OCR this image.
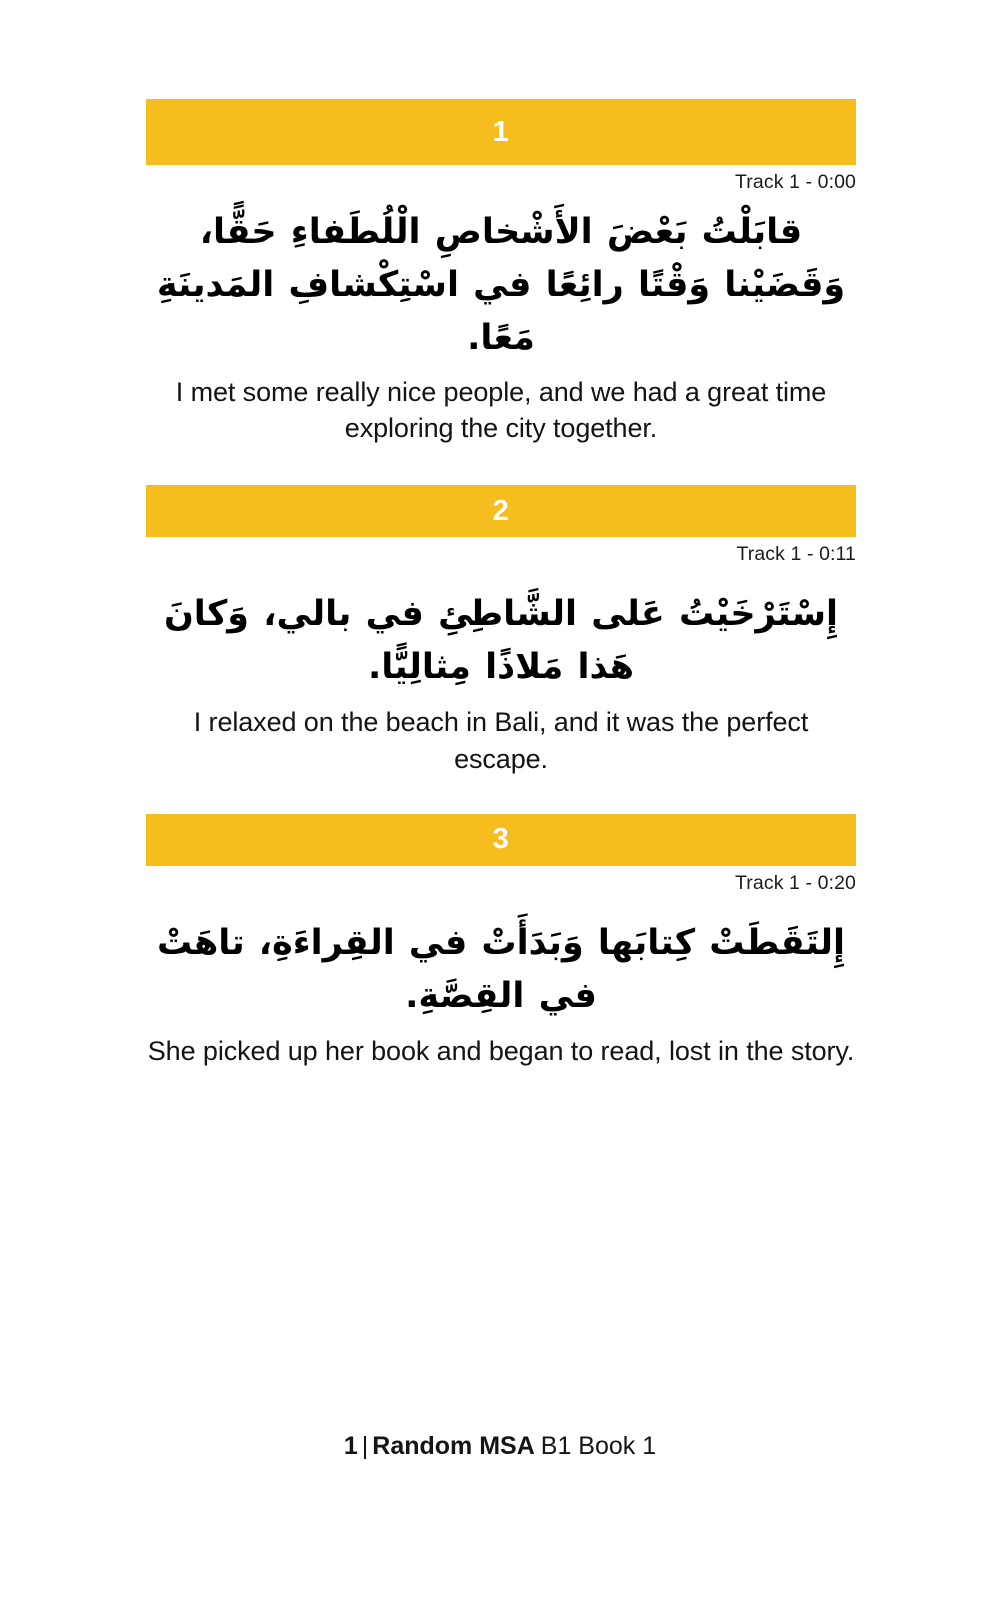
1
Track 1 - 0:00
قابَلْتُ بَعْضَ الأَشْخاصِ الْلُطَفاءِ حَقًّا، وَقَضَيْنا وَقْتًا رائِعًا في اسْتِكْشافِ المَدينَةِ مَعًا.
I met some really nice people, and we had a great time exploring the city together.
2
Track 1 - 0:11
إِسْتَرْخَيْتُ عَلى الشَّاطِئِ في بالي، وَكانَ هَذا مَلاذًا مِثالِيًّا.
I relaxed on the beach in Bali, and it was the perfect escape.
3
Track 1 - 0:20
إِلتَقَطَتْ كِتابَها وَبَدَأَتْ في القِراءَةِ، تاهَتْ في القِصَّةِ.
She picked up her book and began to read, lost in the story.
1 | Random MSA B1 Book 1
